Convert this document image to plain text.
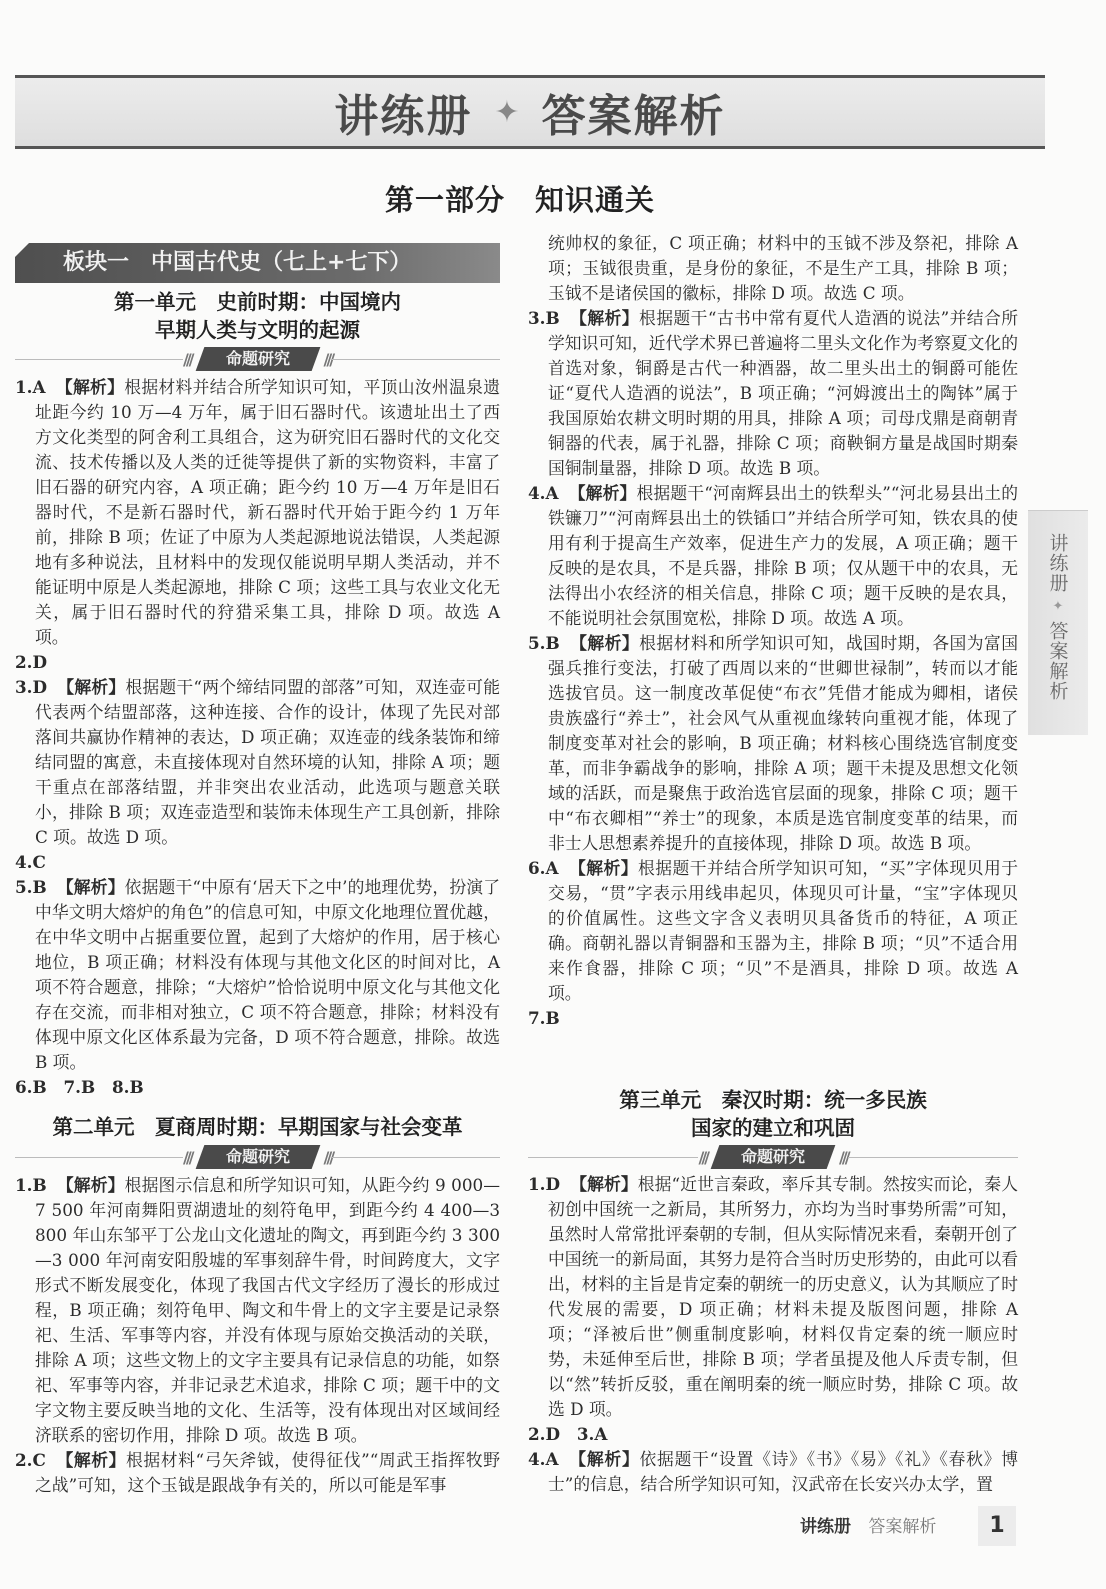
讲练册 ✦ 答案解析
第一部分　知识通关
板块一　中国古代史（七上+七下）
第一单元　史前时期：中国境内
早期人类与文明的起源
///	命题研究	///

1.A 【解析】根据材料并结合所学知识可知，平顶山汝州温泉遗址距今约 10 万—4 万年，属于旧石器时代。该遗址出土了西方文化类型的阿舍利工具组合，这为研究旧石器时代的文化交流、技术传播以及人类的迁徙等提供了新的实物资料，丰富了旧石器的研究内容，A 项正确；距今约 10 万—4 万年是旧石器时代，不是新石器时代，新石器时代开始于距今约 1 万年前，排除 B 项；佐证了中原为人类起源地说法错误，人类起源地有多种说法，且材料中的发现仅能说明早期人类活动，并不能证明中原是人类起源地，排除 C 项；这些工具与农业文化无关，属于旧石器时代的狩猎采集工具，排除 D 项。故选 A 项。

2.D

3.D 【解析】根据题干“两个缔结同盟的部落”可知，双连壶可能代表两个结盟部落，这种连接、合作的设计，体现了先民对部落间共赢协作精神的表达，D 项正确；双连壶的线条装饰和缔结同盟的寓意，未直接体现对自然环境的认知，排除 A 项；题干重点在部落结盟，并非突出农业活动，此选项与题意关联小，排除 B 项；双连壶造型和装饰未体现生产工具创新，排除 C 项。故选 D 项。

4.C

5.B 【解析】依据题干“中原有‘居天下之中’的地理优势，扮演了中华文明大熔炉的角色”的信息可知，中原文化地理位置优越，在中华文明中占据重要位置，起到了大熔炉的作用，居于核心地位，B 项正确；材料没有体现与其他文化区的时间对比，A 项不符合题意，排除；“大熔炉”恰恰说明中原文化与其他文化存在交流，而非相对独立，C 项不符合题意，排除；材料没有体现中原文化区体系最为完备，D 项不符合题意，排除。故选 B 项。

6.B　7.B　8.B

第二单元　夏商周时期：早期国家与社会变革
///	命题研究	///

1.B 【解析】根据图示信息和所学知识可知，从距今约 9 000—7 500 年河南舞阳贾湖遗址的刻符龟甲，到距今约 4 400—3 800 年山东邹平丁公龙山文化遗址的陶文，再到距今约 3 300—3 000 年河南安阳殷墟的军事刻辞牛骨，时间跨度大，文字形式不断发展变化，体现了我国古代文字经历了漫长的形成过程，B 项正确；刻符龟甲、陶文和牛骨上的文字主要是记录祭祀、生活、军事等内容，并没有体现与原始交换活动的关联，排除 A 项；这些文物上的文字主要具有记录信息的功能，如祭祀、军事等内容，并非记录艺术追求，排除 C 项；题干中的文字文物主要反映当地的文化、生活等，没有体现出对区域间经济联系的密切作用，排除 D 项。故选 B 项。

2.C 【解析】根据材料“弓矢斧钺，使得征伐”“周武王指挥牧野之战”可知，这个玉钺是跟战争有关的，所以可能是军事

统帅权的象征，C 项正确；材料中的玉钺不涉及祭祀，排除 A 项；玉钺很贵重，是身份的象征，不是生产工具，排除 B 项；玉钺不是诸侯国的徽标，排除 D 项。故选 C 项。

3.B 【解析】根据题干“古书中常有夏代人造酒的说法”并结合所学知识可知，近代学术界已普遍将二里头文化作为考察夏文化的首选对象，铜爵是古代一种酒器，故二里头出土的铜爵可能佐证“夏代人造酒的说法”，B 项正确；“河姆渡出土的陶钵”属于我国原始农耕文明时期的用具，排除 A 项；司母戊鼎是商朝青铜器的代表，属于礼器，排除 C 项；商鞅铜方量是战国时期秦国铜制量器，排除 D 项。故选 B 项。

4.A 【解析】根据题干“河南辉县出土的铁犁头”“河北易县出土的铁镰刀”“河南辉县出土的铁锸口”并结合所学可知，铁农具的使用有利于提高生产效率，促进生产力的发展，A 项正确；题干反映的是农具，不是兵器，排除 B 项；仅从题干中的农具，无法得出小农经济的相关信息，排除 C 项；题干反映的是农具，不能说明社会氛围宽松，排除 D 项。故选 A 项。

5.B 【解析】根据材料和所学知识可知，战国时期，各国为富国强兵推行变法，打破了西周以来的“世卿世禄制”，转而以才能选拔官员。这一制度改革促使“布衣”凭借才能成为卿相，诸侯贵族盛行“养士”，社会风气从重视血缘转向重视才能，体现了制度变革对社会的影响，B 项正确；材料核心围绕选官制度变革，而非争霸战争的影响，排除 A 项；题干未提及思想文化领域的活跃，而是聚焦于政治选官层面的现象，排除 C 项；题干中“布衣卿相”“养士”的现象，本质是选官制度变革的结果，而非士人思想素养提升的直接体现，排除 D 项。故选 B 项。

6.A 【解析】根据题干并结合所学知识可知，“买”字体现贝用于交易，“贯”字表示用线串起贝，体现贝可计量，“宝”字体现贝的价值属性。这些文字含义表明贝具备货币的特征，A 项正确。商朝礼器以青铜器和玉器为主，排除 B 项；“贝”不适合用来作食器，排除 C 项；“贝”不是酒具，排除 D 项。故选 A 项。

7.B

第三单元　秦汉时期：统一多民族
国家的建立和巩固
///	命题研究	///

1.D 【解析】根据“近世言秦政，率斥其专制。然按实而论，秦人初创中国统一之新局，其所努力，亦均为当时事势所需”可知，虽然时人常常批评秦朝的专制，但从实际情况来看，秦朝开创了中国统一的新局面，其努力是符合当时历史形势的，由此可以看出，材料的主旨是肯定秦的朝统一的历史意义，认为其顺应了时代发展的需要，D 项正确；材料未提及版图问题，排除 A 项；“泽被后世”侧重制度影响，材料仅肯定秦的统一顺应时势，未延伸至后世，排除 B 项；学者虽提及他人斥责专制，但以“然”转折反驳，重在阐明秦的统一顺应时势，排除 C 项。故选 D 项。

2.D　3.A

4.A 【解析】依据题干“设置《诗》《书》《易》《礼》《春秋》博士”的信息，结合所学知识可知，汉武帝在长安兴办太学，置

讲练册✦答案解析
讲练册 答案解析	1
